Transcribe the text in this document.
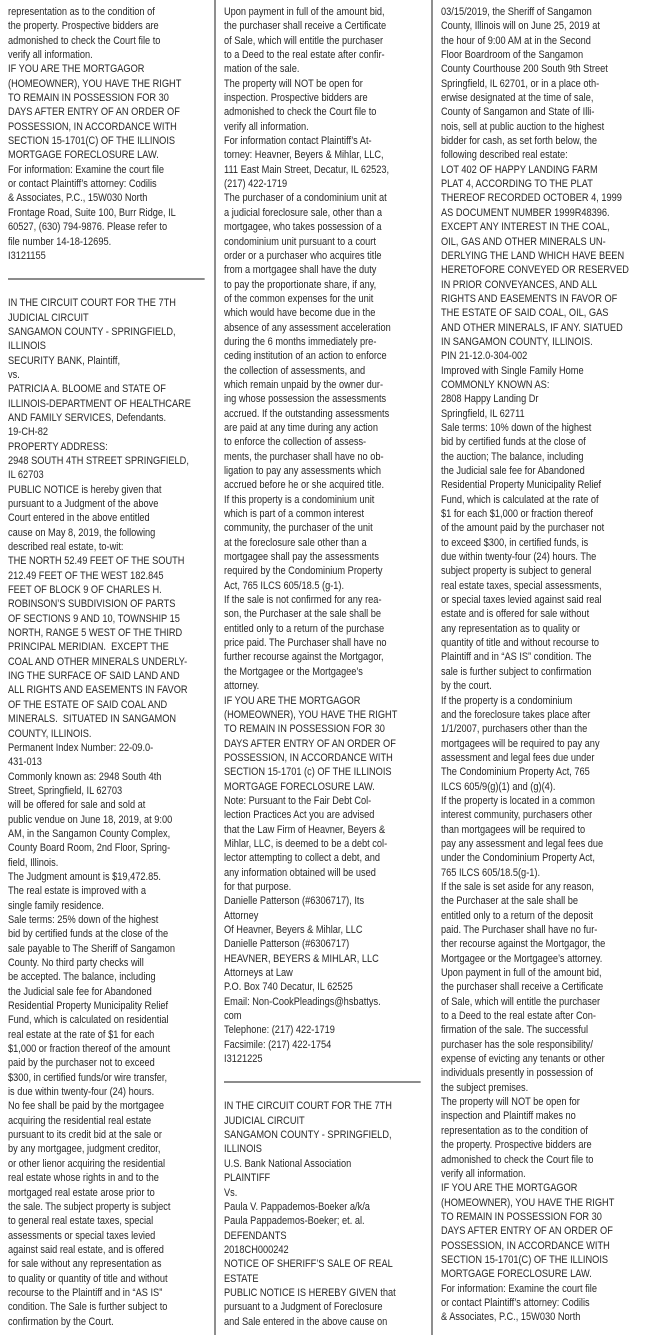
representation as to the condition of
the property. Prospective bidders are
admonished to check the Court file to
verify all information.
IF YOU ARE THE MORTGAGOR
(HOMEOWNER), YOU HAVE THE RIGHT
TO REMAIN IN POSSESSION FOR 30
DAYS AFTER ENTRY OF AN ORDER OF
POSSESSION, IN ACCORDANCE WITH
SECTION 15-1701(C) OF THE ILLINOIS
MORTGAGE FORECLOSURE LAW.
For information: Examine the court file
or contact Plaintiff’s attorney: Codilis
& Associates, P.C., 15W030 North
Frontage Road, Suite 100, Burr Ridge, IL
60527, (630) 794-9876. Please refer to
file number 14-18-12695.
I3121155
IN THE CIRCUIT COURT FOR THE 7TH
JUDICIAL CIRCUIT
SANGAMON COUNTY - SPRINGFIELD,
ILLINOIS
SECURITY BANK, Plaintiff,
vs.
PATRICIA A. BLOOME and STATE OF
ILLINOIS-DEPARTMENT OF HEALTHCARE
AND FAMILY SERVICES, Defendants.
19-CH-82
PROPERTY ADDRESS:
2948 SOUTH 4TH STREET SPRINGFIELD,
IL 62703
PUBLIC NOTICE is hereby given that
pursuant to a Judgment of the above
Court entered in the above entitled
cause on May 8, 2019, the following
described real estate, to-wit:
THE NORTH 52.49 FEET OF THE SOUTH
212.49 FEET OF THE WEST 182.845
FEET OF BLOCK 9 OF CHARLES H.
ROBINSON’S SUBDIVISION OF PARTS
OF SECTIONS 9 AND 10, TOWNSHIP 15
NORTH, RANGE 5 WEST OF THE THIRD
PRINCIPAL MERIDIAN.  EXCEPT THE
COAL AND OTHER MINERALS UNDERLY-
ING THE SURFACE OF SAID LAND AND
ALL RIGHTS AND EASEMENTS IN FAVOR
OF THE ESTATE OF SAID COAL AND
MINERALS.  SITUATED IN SANGAMON
COUNTY, ILLINOIS.
Permanent Index Number: 22-09.0-
431-013
Commonly known as: 2948 South 4th
Street, Springfield, IL 62703
will be offered for sale and sold at
public vendue on June 18, 2019, at 9:00
AM, in the Sangamon County Complex,
County Board Room, 2nd Floor, Spring-
field, Illinois.
The Judgment amount is $19,472.85.
The real estate is improved with a
single family residence.
Sale terms: 25% down of the highest
bid by certified funds at the close of the
sale payable to The Sheriff of Sangamon
County. No third party checks will
be accepted. The balance, including
the Judicial sale fee for Abandoned
Residential Property Municipality Relief
Fund, which is calculated on residential
real estate at the rate of $1 for each
$1,000 or fraction thereof of the amount
paid by the purchaser not to exceed
$300, in certified funds/or wire transfer,
is due within twenty-four (24) hours.
No fee shall be paid by the mortgagee
acquiring the residential real estate
pursuant to its credit bid at the sale or
by any mortgagee, judgment creditor,
or other lienor acquiring the residential
real estate whose rights in and to the
mortgaged real estate arose prior to
the sale. The subject property is subject
to general real estate taxes, special
assessments or special taxes levied
against said real estate, and is offered
for sale without any representation as
to quality or quantity of title and without
recourse to the Plaintiff and in “AS IS”
condition. The Sale is further subject to
confirmation by the Court.
Upon payment in full of the amount bid,
the purchaser shall receive a Certificate
of Sale, which will entitle the purchaser
to a Deed to the real estate after confir-
mation of the sale.
The property will NOT be open for
inspection. Prospective bidders are
admonished to check the Court file to
verify all information.
For information contact Plaintiff’s At-
torney: Heavner, Beyers & Mihlar, LLC,
111 East Main Street, Decatur, IL 62523,
(217) 422-1719
The purchaser of a condominium unit at
a judicial foreclosure sale, other than a
mortgagee, who takes possession of a
condominium unit pursuant to a court
order or a purchaser who acquires title
from a mortgagee shall have the duty
to pay the proportionate share, if any,
of the common expenses for the unit
which would have become due in the
absence of any assessment acceleration
during the 6 months immediately pre-
ceding institution of an action to enforce
the collection of assessments, and
which remain unpaid by the owner dur-
ing whose possession the assessments
accrued. If the outstanding assessments
are paid at any time during any action
to enforce the collection of assess-
ments, the purchaser shall have no ob-
ligation to pay any assessments which
accrued before he or she acquired title.
If this property is a condominium unit
which is part of a common interest
community, the purchaser of the unit
at the foreclosure sale other than a
mortgagee shall pay the assessments
required by the Condominium Property
Act, 765 ILCS 605/18.5 (g-1).
If the sale is not confirmed for any rea-
son, the Purchaser at the sale shall be
entitled only to a return of the purchase
price paid. The Purchaser shall have no
further recourse against the Mortgagor,
the Mortgagee or the Mortgagee’s
attorney.
IF YOU ARE THE MORTGAGOR
(HOMEOWNER), YOU HAVE THE RIGHT
TO REMAIN IN POSSESSION FOR 30
DAYS AFTER ENTRY OF AN ORDER OF
POSSESSION, IN ACCORDANCE WITH
SECTION 15-1701 (c) OF THE ILLINOIS
MORTGAGE FORECLOSURE LAW.
Note: Pursuant to the Fair Debt Col-
lection Practices Act you are advised
that the Law Firm of Heavner, Beyers &
Mihlar, LLC, is deemed to be a debt col-
lector attempting to collect a debt, and
any information obtained will be used
for that purpose.
Danielle Patterson (#6306717), Its
Attorney
Of Heavner, Beyers & Mihlar, LLC
Danielle Patterson (#6306717)
HEAVNER, BEYERS & MIHLAR, LLC
Attorneys at Law
P.O. Box 740 Decatur, IL 62525
Email: Non-CookPleadings@hsbattys.
com
Telephone: (217) 422-1719
Facsimile: (217) 422-1754
I3121225
IN THE CIRCUIT COURT FOR THE 7TH
JUDICIAL CIRCUIT
SANGAMON COUNTY - SPRINGFIELD,
ILLINOIS
U.S. Bank National Association
PLAINTIFF
Vs.
Paula V. Pappademos-Boeker a/k/a
Paula Pappademos-Boeker; et. al.
DEFENDANTS
2018CH000242
NOTICE OF SHERIFF’S SALE OF REAL
ESTATE
PUBLIC NOTICE IS HEREBY GIVEN that
pursuant to a Judgment of Foreclosure
and Sale entered in the above cause on
03/15/2019, the Sheriff of Sangamon
County, Illinois will on June 25, 2019 at
the hour of 9:00 AM at in the Second
Floor Boardroom of the Sangamon
County Courthouse 200 South 9th Street
Springfield, IL 62701, or in a place oth-
erwise designated at the time of sale,
County of Sangamon and State of Illi-
nois, sell at public auction to the highest
bidder for cash, as set forth below, the
following described real estate:
LOT 402 OF HAPPY LANDING FARM
PLAT 4, ACCORDING TO THE PLAT
THEREOF RECORDED OCTOBER 4, 1999
AS DOCUMENT NUMBER 1999R48396.
EXCEPT ANY INTEREST IN THE COAL,
OIL, GAS AND OTHER MINERALS UN-
DERLYING THE LAND WHICH HAVE BEEN
HERETOFORE CONVEYED OR RESERVED
IN PRIOR CONVEYANCES, AND ALL
RIGHTS AND EASEMENTS IN FAVOR OF
THE ESTATE OF SAID COAL, OIL, GAS
AND OTHER MINERALS, IF ANY. SIATUED
IN SANGAMON COUNTY, ILLINOIS.
PIN 21-12.0-304-002
Improved with Single Family Home
COMMONLY KNOWN AS:
2808 Happy Landing Dr
Springfield, IL 62711
Sale terms: 10% down of the highest
bid by certified funds at the close of
the auction; The balance, including
the Judicial sale fee for Abandoned
Residential Property Municipality Relief
Fund, which is calculated at the rate of
$1 for each $1,000 or fraction thereof
of the amount paid by the purchaser not
to exceed $300, in certified funds, is
due within twenty-four (24) hours. The
subject property is subject to general
real estate taxes, special assessments,
or special taxes levied against said real
estate and is offered for sale without
any representation as to quality or
quantity of title and without recourse to
Plaintiff and in “AS IS” condition. The
sale is further subject to confirmation
by the court.
If the property is a condominium
and the foreclosure takes place after
1/1/2007, purchasers other than the
mortgagees will be required to pay any
assessment and legal fees due under
The Condominium Property Act, 765
ILCS 605/9(g)(1) and (g)(4).
If the property is located in a common
interest community, purchasers other
than mortgagees will be required to
pay any assessment and legal fees due
under the Condominium Property Act,
765 ILCS 605/18.5(g-1).
If the sale is set aside for any reason,
the Purchaser at the sale shall be
entitled only to a return of the deposit
paid. The Purchaser shall have no fur-
ther recourse against the Mortgagor, the
Mortgagee or the Mortgagee’s attorney.
Upon payment in full of the amount bid,
the purchaser shall receive a Certificate
of Sale, which will entitle the purchaser
to a Deed to the real estate after Con-
firmation of the sale. The successful
purchaser has the sole responsibility/
expense of evicting any tenants or other
individuals presently in possession of
the subject premises.
The property will NOT be open for
inspection and Plaintiff makes no
representation as to the condition of
the property. Prospective bidders are
admonished to check the Court file to
verify all information.
IF YOU ARE THE MORTGAGOR
(HOMEOWNER), YOU HAVE THE RIGHT
TO REMAIN IN POSSESSION FOR 30
DAYS AFTER ENTRY OF AN ORDER OF
POSSESSION, IN ACCORDANCE WITH
SECTION 15-1701(C) OF THE ILLINOIS
MORTGAGE FORECLOSURE LAW.
For information: Examine the court file
or contact Plaintiff’s attorney: Codilis
& Associates, P.C., 15W030 North
